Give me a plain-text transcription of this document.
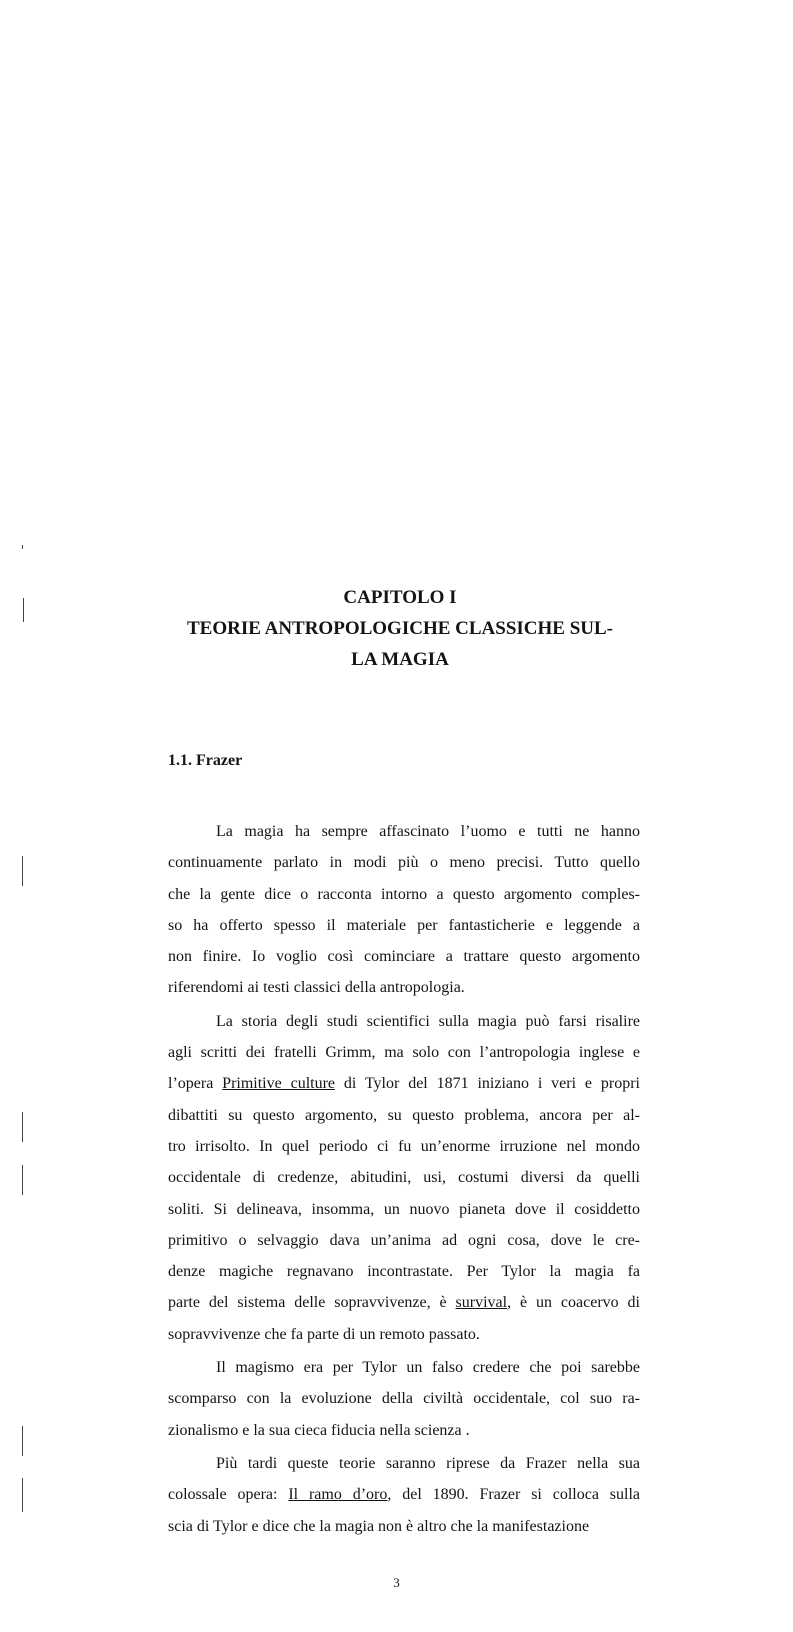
CAPITOLO I
TEORIE ANTROPOLOGICHE CLASSICHE SUL-
LA MAGIA
1.1. Frazer
La magia ha sempre affascinato l’uomo e tutti ne hanno
continuamente parlato in modi più o meno precisi. Tutto quello
che la gente dice o racconta intorno a questo argomento comples-
so ha offerto spesso il materiale per fantasticherie e leggende a
non finire. Io voglio così cominciare a trattare questo argomento
riferendomi ai testi classici della antropologia.
La storia degli studi scientifici sulla magia può farsi risalire
agli scritti dei fratelli Grimm, ma solo con l’antropologia inglese e
l’opera Primitive culture di Tylor del 1871 iniziano i veri e propri
dibattiti su questo argomento, su questo problema, ancora per al-
tro irrisolto. In quel periodo ci fu un’enorme irruzione nel mondo
occidentale di credenze, abitudini, usi, costumi diversi da quelli
soliti. Si delineava, insomma, un nuovo pianeta dove il cosiddetto
primitivo o selvaggio dava un’anima ad ogni cosa, dove le cre-
denze magiche regnavano incontrastate. Per Tylor la magia fa
parte del sistema delle sopravvivenze, è survival, è un coacervo di
sopravvivenze che fa parte di un remoto passato.
Il magismo era per Tylor un falso credere che poi sarebbe
scomparso con la evoluzione della civiltà occidentale, col suo ra-
zionalismo e la sua cieca fiducia nella scienza .
Più tardi queste teorie saranno riprese da Frazer nella sua
colossale opera: Il ramo d’oro, del 1890. Frazer si colloca sulla
scia di Tylor e dice che la magia non è altro che la manifestazione
3
